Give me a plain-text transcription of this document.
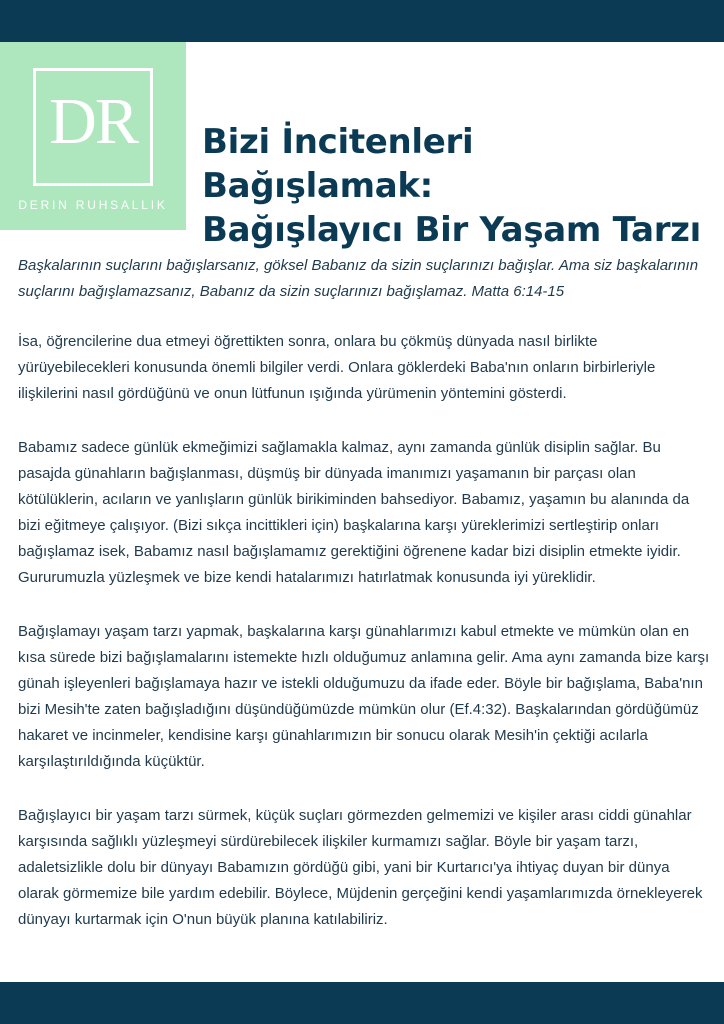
DR
DERIN RUHSALLIK
Bizi İncitenleri Bağışlamak:
Bağışlayıcı Bir Yaşam Tarzı

Başkalarının suçlarını bağışlarsanız, göksel Babanız da sizin suçlarınızı bağışlar. Ama siz başkalarının suçlarını bağışlamazsanız, Babanız da sizin suçlarınızı bağışlamaz. Matta 6:14-15

İsa, öğrencilerine dua etmeyi öğrettikten sonra, onlara bu çökmüş dünyada nasıl birlikte yürüyebilecekleri konusunda önemli bilgiler verdi. Onlara göklerdeki Baba'nın onların birbirleriyle ilişkilerini nasıl gördüğünü ve onun lütfunun ışığında yürümenin yöntemini gösterdi.

Babamız sadece günlük ekmeğimizi sağlamakla kalmaz, aynı zamanda günlük disiplin sağlar. Bu pasajda günahların bağışlanması, düşmüş bir dünyada imanımızı yaşamanın bir parçası olan kötülüklerin, acıların ve yanlışların günlük birikiminden bahsediyor. Babamız, yaşamın bu alanında da bizi eğitmeye çalışıyor. (Bizi sıkça incittikleri için) başkalarına karşı yüreklerimizi sertleştirip onları bağışlamaz isek, Babamız nasıl bağışlamamız gerektiğini öğrenene kadar bizi disiplin etmekte iyidir. Gururumuzla yüzleşmek ve bize kendi hatalarımızı hatırlatmak konusunda iyi yüreklidir.

Bağışlamayı yaşam tarzı yapmak, başkalarına karşı günahlarımızı kabul etmekte ve mümkün olan en kısa sürede bizi bağışlamalarını istemekte hızlı olduğumuz anlamına gelir. Ama aynı zamanda bize karşı günah işleyenleri bağışlamaya hazır ve istekli olduğumuzu da ifade eder. Böyle bir bağışlama, Baba'nın bizi Mesih'te zaten bağışladığını düşündüğümüzde mümkün olur (Ef.4:32). Başkalarından gördüğümüz hakaret ve incinmeler, kendisine karşı günahlarımızın bir sonucu olarak Mesih'in çektiği acılarla karşılaştırıldığında küçüktür.

Bağışlayıcı bir yaşam tarzı sürmek, küçük suçları görmezden gelmemizi ve kişiler arası ciddi günahlar karşısında sağlıklı yüzleşmeyi sürdürebilecek ilişkiler kurmamızı sağlar. Böyle bir yaşam tarzı, adaletsizlikle dolu bir dünyayı Babamızın gördüğü gibi, yani bir Kurtarıcı'ya ihtiyaç duyan bir dünya olarak görmemize bile yardım edebilir. Böylece, Müjdenin gerçeğini kendi yaşamlarımızda örnekleyerek dünyayı kurtarmak için O'nun büyük planına katılabiliriz.
